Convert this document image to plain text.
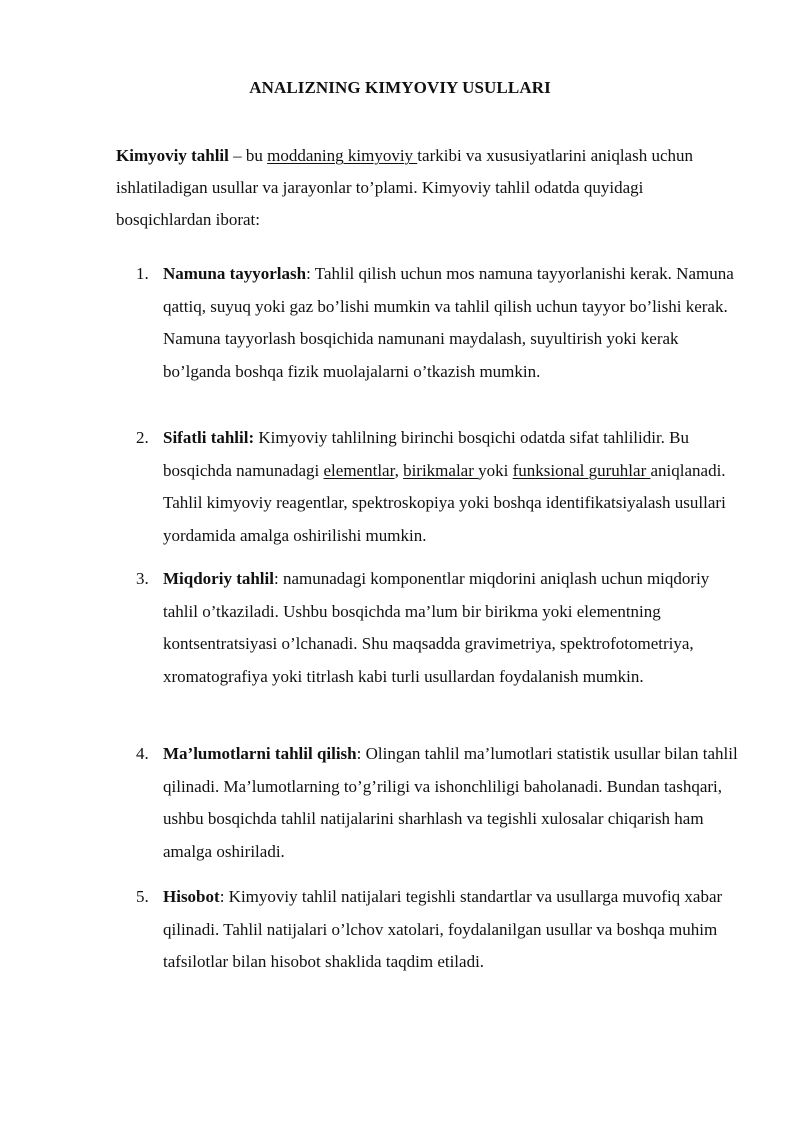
ANALIZNING KIMYOVIY USULLARI

Kimyoviy tahlil – bu moddaning kimyoviy tarkibi va xususiyatlarini aniqlash uchun ishlatiladigan usullar va jarayonlar to’plami. Kimyoviy tahlil odatda quyidagi bosqichlardan iborat:

1. Namuna tayyorlash: Tahlil qilish uchun mos namuna tayyorlanishi kerak. Namuna qattiq, suyuq yoki gaz bo’lishi mumkin va tahlil qilish uchun tayyor bo’lishi kerak. Namuna tayyorlash bosqichida namunani maydalash, suyultirish yoki kerak bo’lganda boshqa fizik muolajalarni o’tkazish mumkin.
2. Sifatli tahlil: Kimyoviy tahlilning birinchi bosqichi odatda sifat tahlilidir. Bu bosqichda namunadagi elementlar, birikmalar yoki funksional guruhlar aniqlanadi. Tahlil kimyoviy reagentlar, spektroskopiya yoki boshqa identifikatsiyalash usullari yordamida amalga oshirilishi mumkin.
3. Miqdoriy tahlil: namunadagi komponentlar miqdorini aniqlash uchun miqdoriy tahlil o’tkaziladi. Ushbu bosqichda ma’lum bir birikma yoki elementning kontsentratsiyasi o’lchanadi. Shu maqsadda gravimetriya, spektrofotometriya, xromatografiya yoki titrlash kabi turli usullardan foydalanish mumkin.
4. Ma’lumotlarni tahlil qilish: Olingan tahlil ma’lumotlari statistik usullar bilan tahlil qilinadi. Ma’lumotlarning to’g’riligi va ishonchliligi baholanadi. Bundan tashqari, ushbu bosqichda tahlil natijalarini sharhlash va tegishli xulosalar chiqarish ham amalga oshiriladi.
5. Hisobot: Kimyoviy tahlil natijalari tegishli standartlar va usullarga muvofiq xabar qilinadi. Tahlil natijalari o’lchov xatolari, foydalanilgan usullar va boshqa muhim tafsilotlar bilan hisobot shaklida taqdim etiladi.
